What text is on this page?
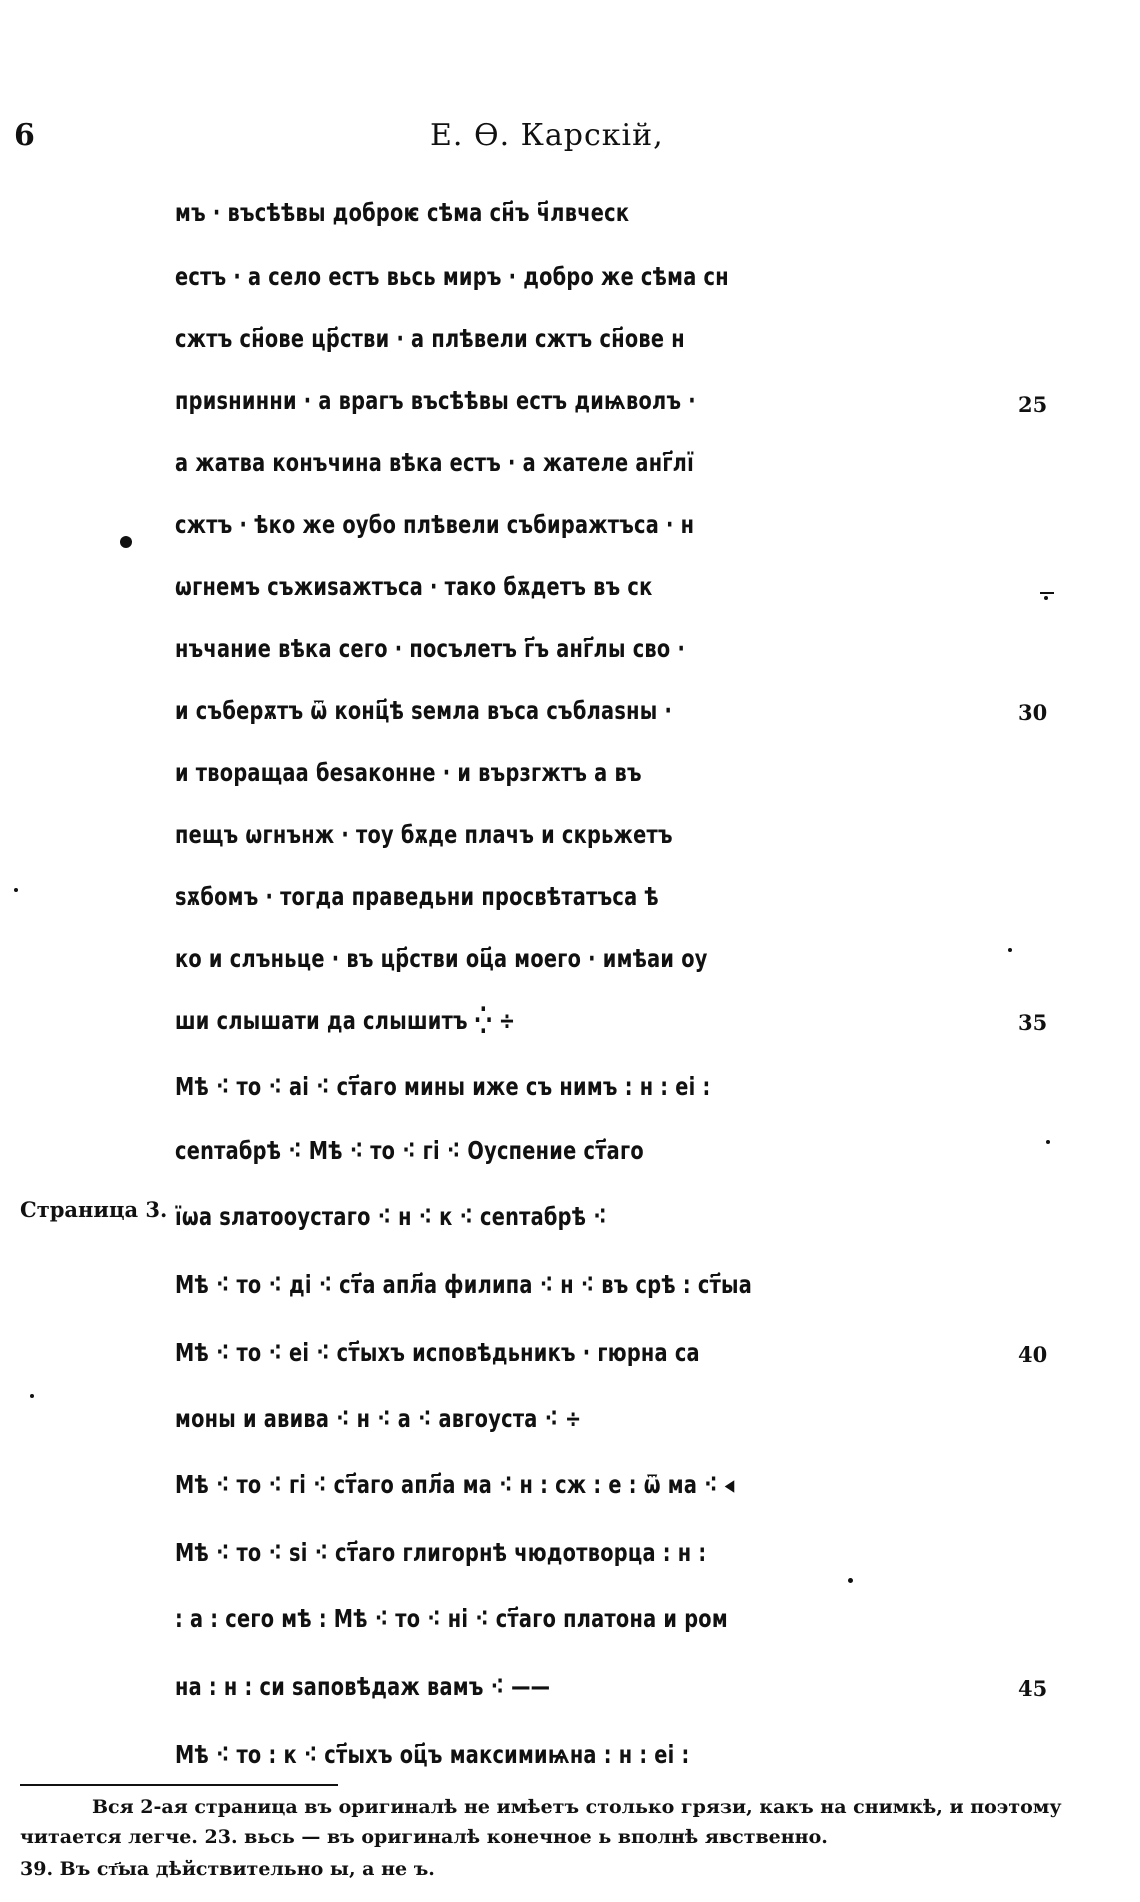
6	Е. Ѳ. Карскій,
мъ · въсѣѣвы доброѥ сѣма сн҃ъ ч҃лвческ
естъ · а село естъ вьсь миръ · добро же сѣма сн
сжтъ сн҃ове цр҃стви · а плѣвели сжтъ сн҃ове н
приѕнинни · а врагъ въсѣѣвы естъ диѩволъ ·
а жатва конъчина вѣка естъ · а жателе анг҃лї
сжтъ · ѣко же оубо плѣвели събиражтъса · н
ѡгнемъ съжиѕажтъса · тако бѫдетъ въ ск
нъчание вѣка сего · посълетъ г҃ъ анг҃лы сво ·
и съберѫтъ ѿ конц҃ѣ ѕемла въса съблаѕны ·
и творащаа беѕаконне · и вързгжтъ а въ
пещъ ѡгнънж · тоу бѫде плачъ и скрьжетъ
ѕѫбомъ · тогда праведьни просвѣтатъса ѣ
ко и слъньце · въ цр҃стви оц҃а моего · имѣаи оу
ши слышати да слышитъ ⁛ ÷
Мѣ ⁖ то ⁖ аі ⁖ ст҃аго мины иже съ нимъ : н : еі :
сеnтабрѣ ⁖ Мѣ ⁖ то ⁖ гі ⁖ Оуспение ст҃аго
їѡа ѕлатооустаго ⁖ н ⁖ к ⁖ сеnтабрѣ ⁖
Мѣ ⁖ то ⁖ ді ⁖ ст҃а апл҃а филипа ⁖ н ⁖ въ срѣ : ст҃ыа
Мѣ ⁖ то ⁖ еі ⁖ ст҃ыхъ исповѣдьникъ · гюрна са
моны и авива ⁖ н ⁖ а ⁖ авгоуста ⁖ ÷
Мѣ ⁖ то ⁖ гі ⁖ ст҃аго апл҃а ма ⁖ н : сж : е : ѿ ма ⁖ ◂
Мѣ ⁖ то ⁖ ѕі ⁖ ст҃аго глигорнѣ чюдотворца : н :
: а : сего мѣ : Мѣ ⁖ то ⁖ ні ⁖ ст҃аго платона и ром
на : н : си ѕаповѣдаж вамъ ⁖ ——
Мѣ ⁖ то : к ⁖ ст҃ыхъ оц҃ъ максимиѩна : н : еі :
25
30
35
40
45
Страница 3.
Вся 2-ая страница въ оригиналѣ не имѣетъ столько грязи, какъ на снимкѣ, и поэтому
читается легче. 23. вьсь — въ оригиналѣ конечное ь вполнѣ явственно.
39. Въ ст҃ыа дѣйствительно ы, а не ъ.
